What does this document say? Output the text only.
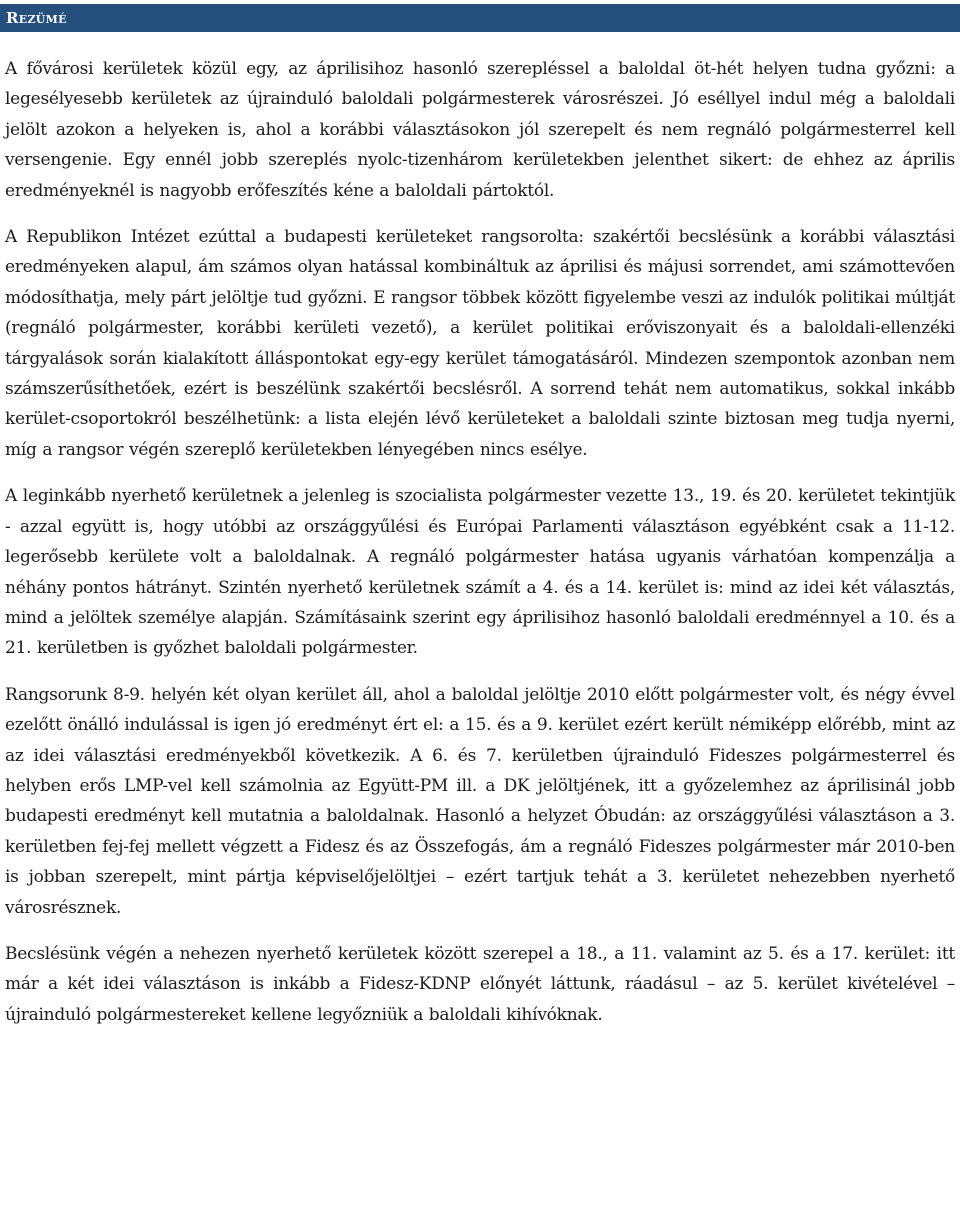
Rezümé

A fővárosi kerületek közül egy, az áprilisihoz hasonló szerepléssel a baloldal öt-hét helyen tudna győzni: a legesélyesebb kerületek az újrainduló baloldali polgármesterek városrészei. Jó eséllyel indul még a baloldali jelölt azokon a helyeken is, ahol a korábbi választásokon jól szerepelt és nem regnáló polgármesterrel kell versengenie. Egy ennél jobb szereplés nyolc-tizenhárom kerületekben jelenthet sikert: de ehhez az április eredményeknél is nagyobb erőfeszítés kéne a baloldali pártoktól.

A Republikon Intézet ezúttal a budapesti kerületeket rangsorolta: szakértői becslésünk a korábbi választási eredményeken alapul, ám számos olyan hatással kombináltuk az áprilisi és májusi sorrendet, ami számottevően módosíthatja, mely párt jelöltje tud győzni. E rangsor többek között figyelembe veszi az indulók politikai múltját (regnáló polgármester, korábbi kerületi vezető), a kerület politikai erőviszonyait és a baloldali-ellenzéki tárgyalások során kialakított álláspontokat egy-egy kerület támogatásáról. Mindezen szempontok azonban nem számszerűsíthetőek, ezért is beszélünk szakértői becslésről. A sorrend tehát nem automatikus, sokkal inkább kerület-csoportokról beszélhetünk: a lista elején lévő kerületeket a baloldali szinte biztosan meg tudja nyerni, míg a rangsor végén szereplő kerületekben lényegében nincs esélye.

A leginkább nyerhető kerületnek a jelenleg is szocialista polgármester vezette 13., 19. és 20. kerületet tekintjük - azzal együtt is, hogy utóbbi az országgyűlési és Európai Parlamenti választáson egyébként csak a 11-12. legerősebb kerülete volt a baloldalnak. A regnáló polgármester hatása ugyanis várhatóan kompenzálja a néhány pontos hátrányt. Szintén nyerhető kerületnek számít a 4. és a 14. kerület is: mind az idei két választás, mind a jelöltek személye alapján. Számításaink szerint egy áprilisihoz hasonló baloldali eredménnyel a 10. és a 21. kerületben is győzhet baloldali polgármester.

Rangsorunk 8-9. helyén két olyan kerület áll, ahol a baloldal jelöltje 2010 előtt polgármester volt, és négy évvel ezelőtt önálló indulással is igen jó eredményt ért el: a 15. és a 9. kerület ezért került némiképp előrébb, mint az az idei választási eredményekből következik. A 6. és 7. kerületben újrainduló Fideszes polgármesterrel és helyben erős LMP-vel kell számolnia az Együtt-PM ill. a DK jelöltjének, itt a győzelemhez az áprilisinál jobb budapesti eredményt kell mutatnia a baloldalnak. Hasonló a helyzet Óbudán: az országgyűlési választáson a 3. kerületben fej-fej mellett végzett a Fidesz és az Összefogás, ám a regnáló Fideszes polgármester már 2010-ben is jobban szerepelt, mint pártja képviselőjelöltjei – ezért tartjuk tehát a 3. kerületet nehezebben nyerhető városrésznek.

Becslésünk végén a nehezen nyerhető kerületek között szerepel a 18., a 11. valamint az 5. és a 17. kerület: itt már a két idei választáson is inkább a Fidesz-KDNP előnyét láttunk, ráadásul – az 5. kerület kivételével – újrainduló polgármestereket kellene legyőzniük a baloldali kihívóknak.
